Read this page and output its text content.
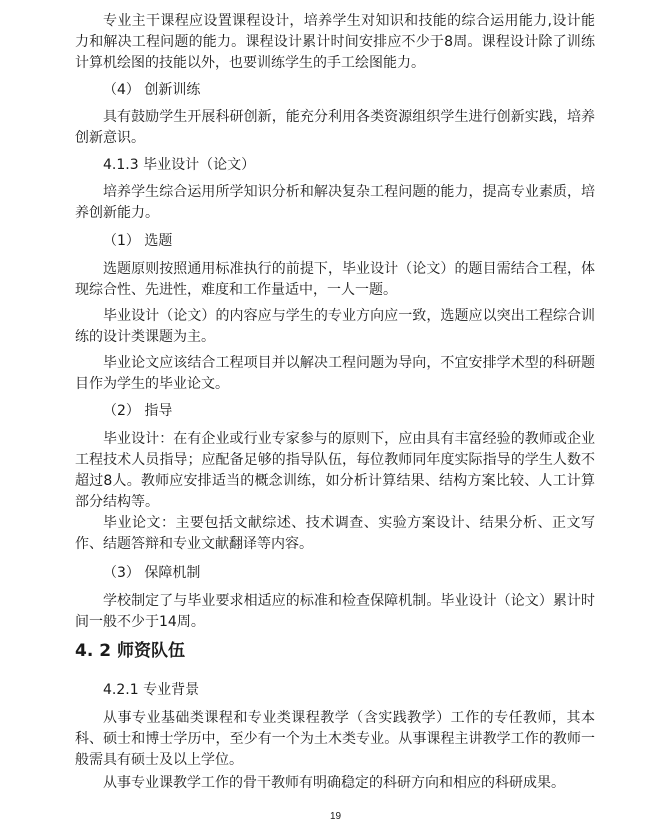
专业主干课程应设置课程设计，培养学生对知识和技能的综合运用能力,设计能力和解决工程问题的能力。课程设计累计时间安排应不少于8周。课程设计除了训练计算机绘图的技能以外，也要训练学生的手工绘图能力。

（4） 创新训练

具有鼓励学生开展科研创新，能充分利用各类资源组织学生进行创新实践，培养创新意识。

4.1.3 毕业设计（论文）

培养学生综合运用所学知识分析和解决复杂工程问题的能力，提高专业素质，培养创新能力。

（1） 选题

选题原则按照通用标准执行的前提下，毕业设计（论文）的题目需结合工程，体现综合性、先进性，难度和工作量适中，一人一题。

毕业设计（论文）的内容应与学生的专业方向应一致，选题应以突出工程综合训练的设计类课题为主。

毕业论文应该结合工程项目并以解决工程问题为导向，不宜安排学术型的科研题目作为学生的毕业论文。

（2） 指导

毕业设计：在有企业或行业专家参与的原则下，应由具有丰富经验的教师或企业工程技术人员指导；应配备足够的指导队伍，每位教师同年度实际指导的学生人数不超过8人。教师应安排适当的概念训练，如分析计算结果、结构方案比较、人工计算部分结构等。

毕业论文：主要包括文献综述、技术调查、实验方案设计、结果分析、正文写作、结题答辩和专业文献翻译等内容。

（3） 保障机制

学校制定了与毕业要求相适应的标准和检查保障机制。毕业设计（论文）累计时间一般不少于14周。

4. 2 师资队伍

4.2.1 专业背景

从事专业基础类课程和专业类课程教学（含实践教学）工作的专任教师，其本科、硕士和博士学历中，至少有一个为土木类专业。从事课程主讲教学工作的教师一般需具有硕士及以上学位。

从事专业课教学工作的骨干教师有明确稳定的科研方向和相应的科研成果。

19
